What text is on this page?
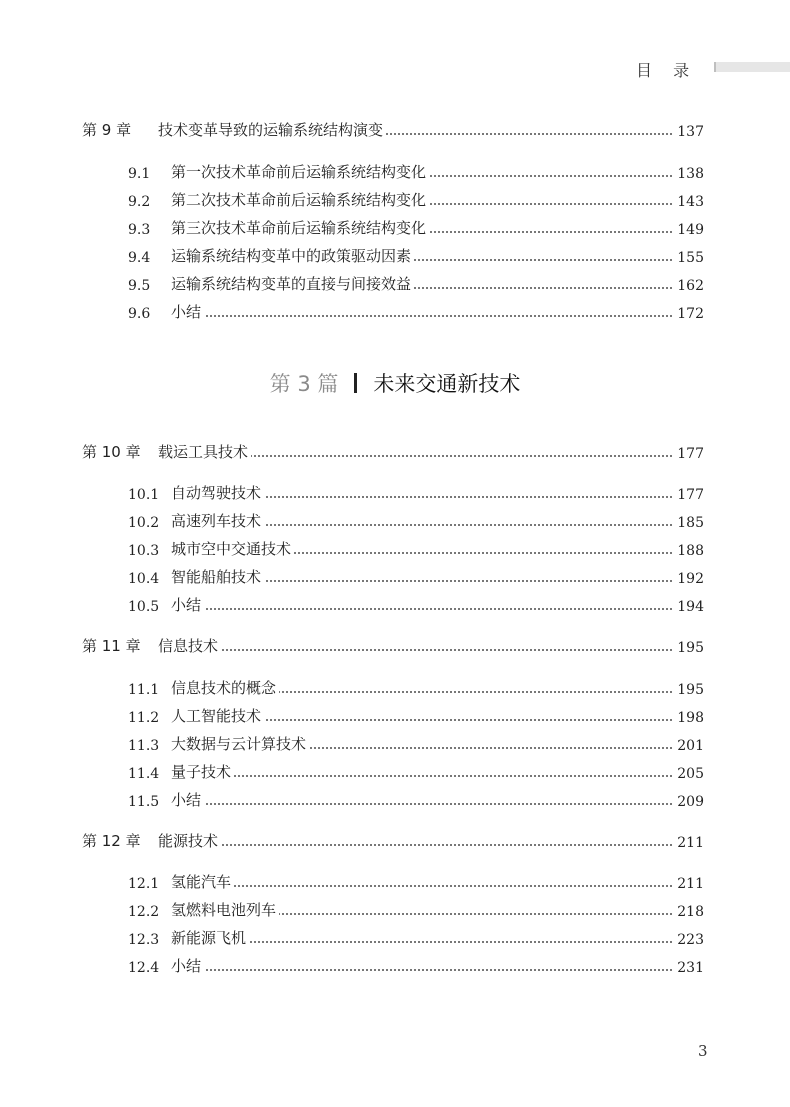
目 录
第 9 章 技术变革导致的运输系统结构演变	137
9.1 第一次技术革命前后运输系统结构变化	138
9.2 第二次技术革命前后运输系统结构变化	143
9.3 第三次技术革命前后运输系统结构变化	149
9.4 运输系统结构变革中的政策驱动因素	155
9.5 运输系统结构变革的直接与间接效益	162
9.6 小结	172
第 3 篇 未来交通新技术
第 10 章 载运工具技术	177
10.1 自动驾驶技术	177
10.2 高速列车技术	185
10.3 城市空中交通技术	188
10.4 智能船舶技术	192
10.5 小结	194
第 11 章 信息技术	195
11.1 信息技术的概念	195
11.2 人工智能技术	198
11.3 大数据与云计算技术	201
11.4 量子技术	205
11.5 小结	209
第 12 章 能源技术	211
12.1 氢能汽车	211
12.2 氢燃料电池列车	218
12.3 新能源飞机	223
12.4 小结	231
3
